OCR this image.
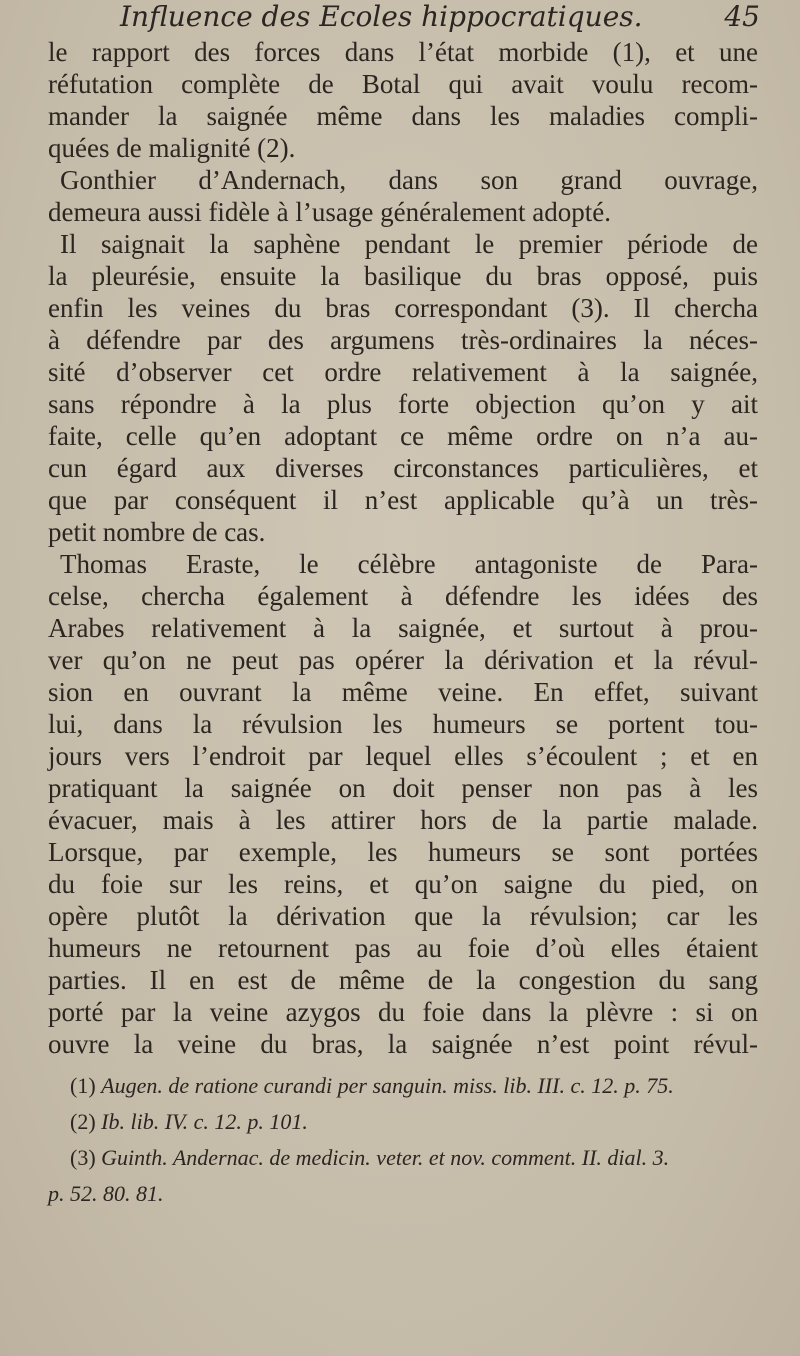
Influence des Ecoles hippocratiques.	45
le rapport des forces dans l’état morbide (1), et une
réfutation complète de Botal qui avait voulu recom-
mander la saignée même dans les maladies compli-
quées de malignité (2).
Gonthier d’Andernach, dans son grand ouvrage,
demeura aussi fidèle à l’usage généralement adopté.
Il saignait la saphène pendant le premier période de
la pleurésie, ensuite la basilique du bras opposé, puis
enfin les veines du bras correspondant (3). Il chercha
à défendre par des argumens très-ordinaires la néces-
sité d’observer cet ordre relativement à la saignée,
sans répondre à la plus forte objection qu’on y ait
faite, celle qu’en adoptant ce même ordre on n’a au-
cun égard aux diverses circonstances particulières, et
que par conséquent il n’est applicable qu’à un très-
petit nombre de cas.
Thomas Eraste, le célèbre antagoniste de Para-
celse, chercha également à défendre les idées des
Arabes relativement à la saignée, et surtout à prou-
ver qu’on ne peut pas opérer la dérivation et la révul-
sion en ouvrant la même veine. En effet, suivant
lui, dans la révulsion les humeurs se portent tou-
jours vers l’endroit par lequel elles s’écoulent ; et en
pratiquant la saignée on doit penser non pas à les
évacuer, mais à les attirer hors de la partie malade.
Lorsque, par exemple, les humeurs se sont portées
du foie sur les reins, et qu’on saigne du pied, on
opère plutôt la dérivation que la révulsion; car les
humeurs ne retournent pas au foie d’où elles étaient
parties. Il en est de même de la congestion du sang
porté par la veine azygos du foie dans la plèvre : si on
ouvre la veine du bras, la saignée n’est point révul-
(1) Augen. de ratione curandi per sanguin. miss. lib. III. c. 12. p. 75.
(2) Ib. lib. IV. c. 12. p. 101.
(3) Guinth. Andernac. de medicin. veter. et nov. comment. II. dial. 3.
p. 52. 80. 81.
